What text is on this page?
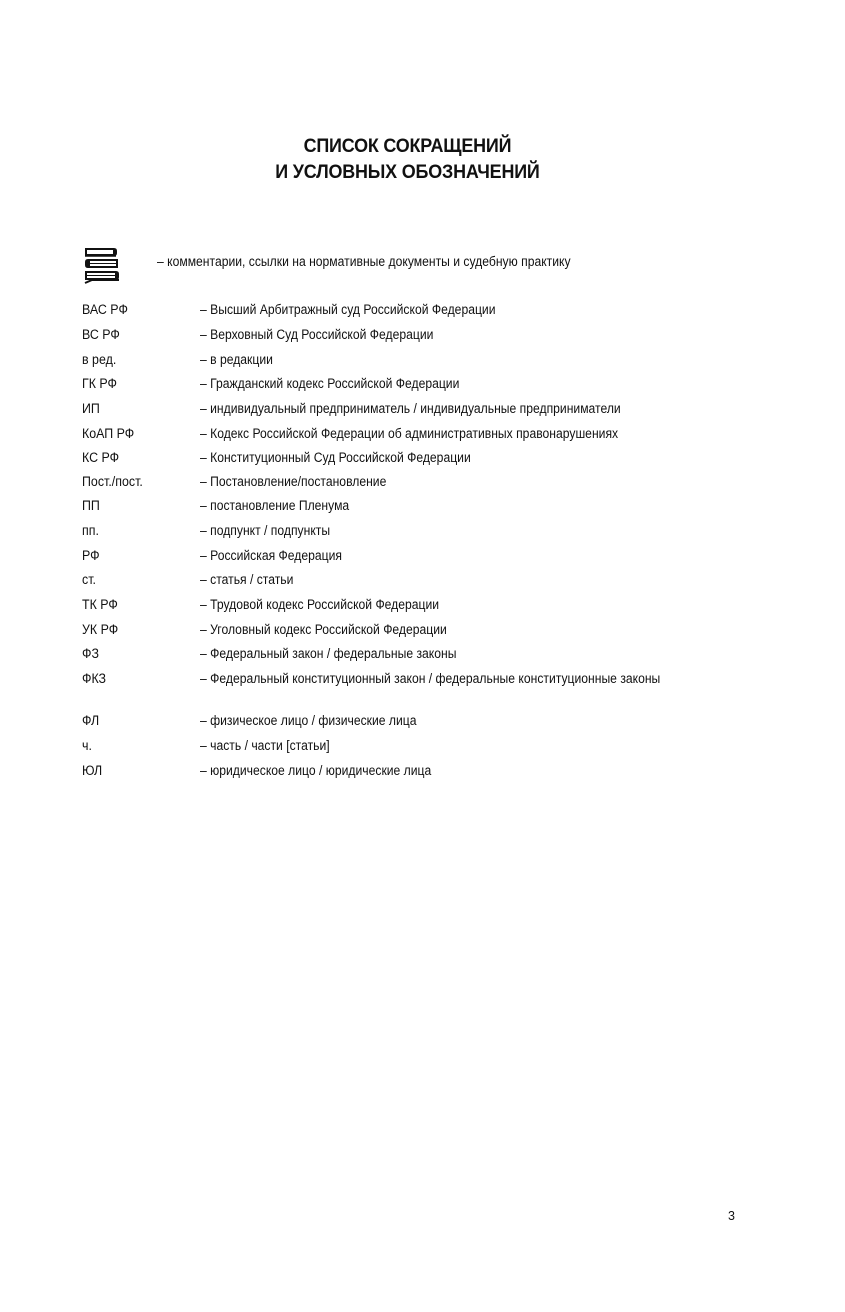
СПИСОК СОКРАЩЕНИЙ
И УСЛОВНЫХ ОБОЗНАЧЕНИЙ
– комментарии, ссылки на нормативные документы и судебную практику
ВАС РФ	– Высший Арбитражный суд Российской Федерации
ВС РФ	– Верховный Суд Российской Федерации
в ред.	– в редакции
ГК РФ	– Гражданский кодекс Российской Федерации
ИП	– индивидуальный предприниматель / индивидуальные предприниматели
КоАП РФ	– Кодекс Российской Федерации об административных правонарушениях
КС РФ	– Конституционный Суд Российской Федерации
Пост./пост.	– Постановление/постановление
ПП	– постановление Пленума
пп.	– подпункт / подпункты
РФ	– Российская Федерация
ст.	– статья / статьи
ТК РФ	– Трудовой кодекс Российской Федерации
УК РФ	– Уголовный кодекс Российской Федерации
ФЗ	– Федеральный закон / федеральные законы
ФКЗ	– Федеральный конституционный закон / федеральные конституционные законы
ФЛ	– физическое лицо / физические лица
ч.	– часть / части [статьи]
ЮЛ	– юридическое лицо / юридические лица
3
